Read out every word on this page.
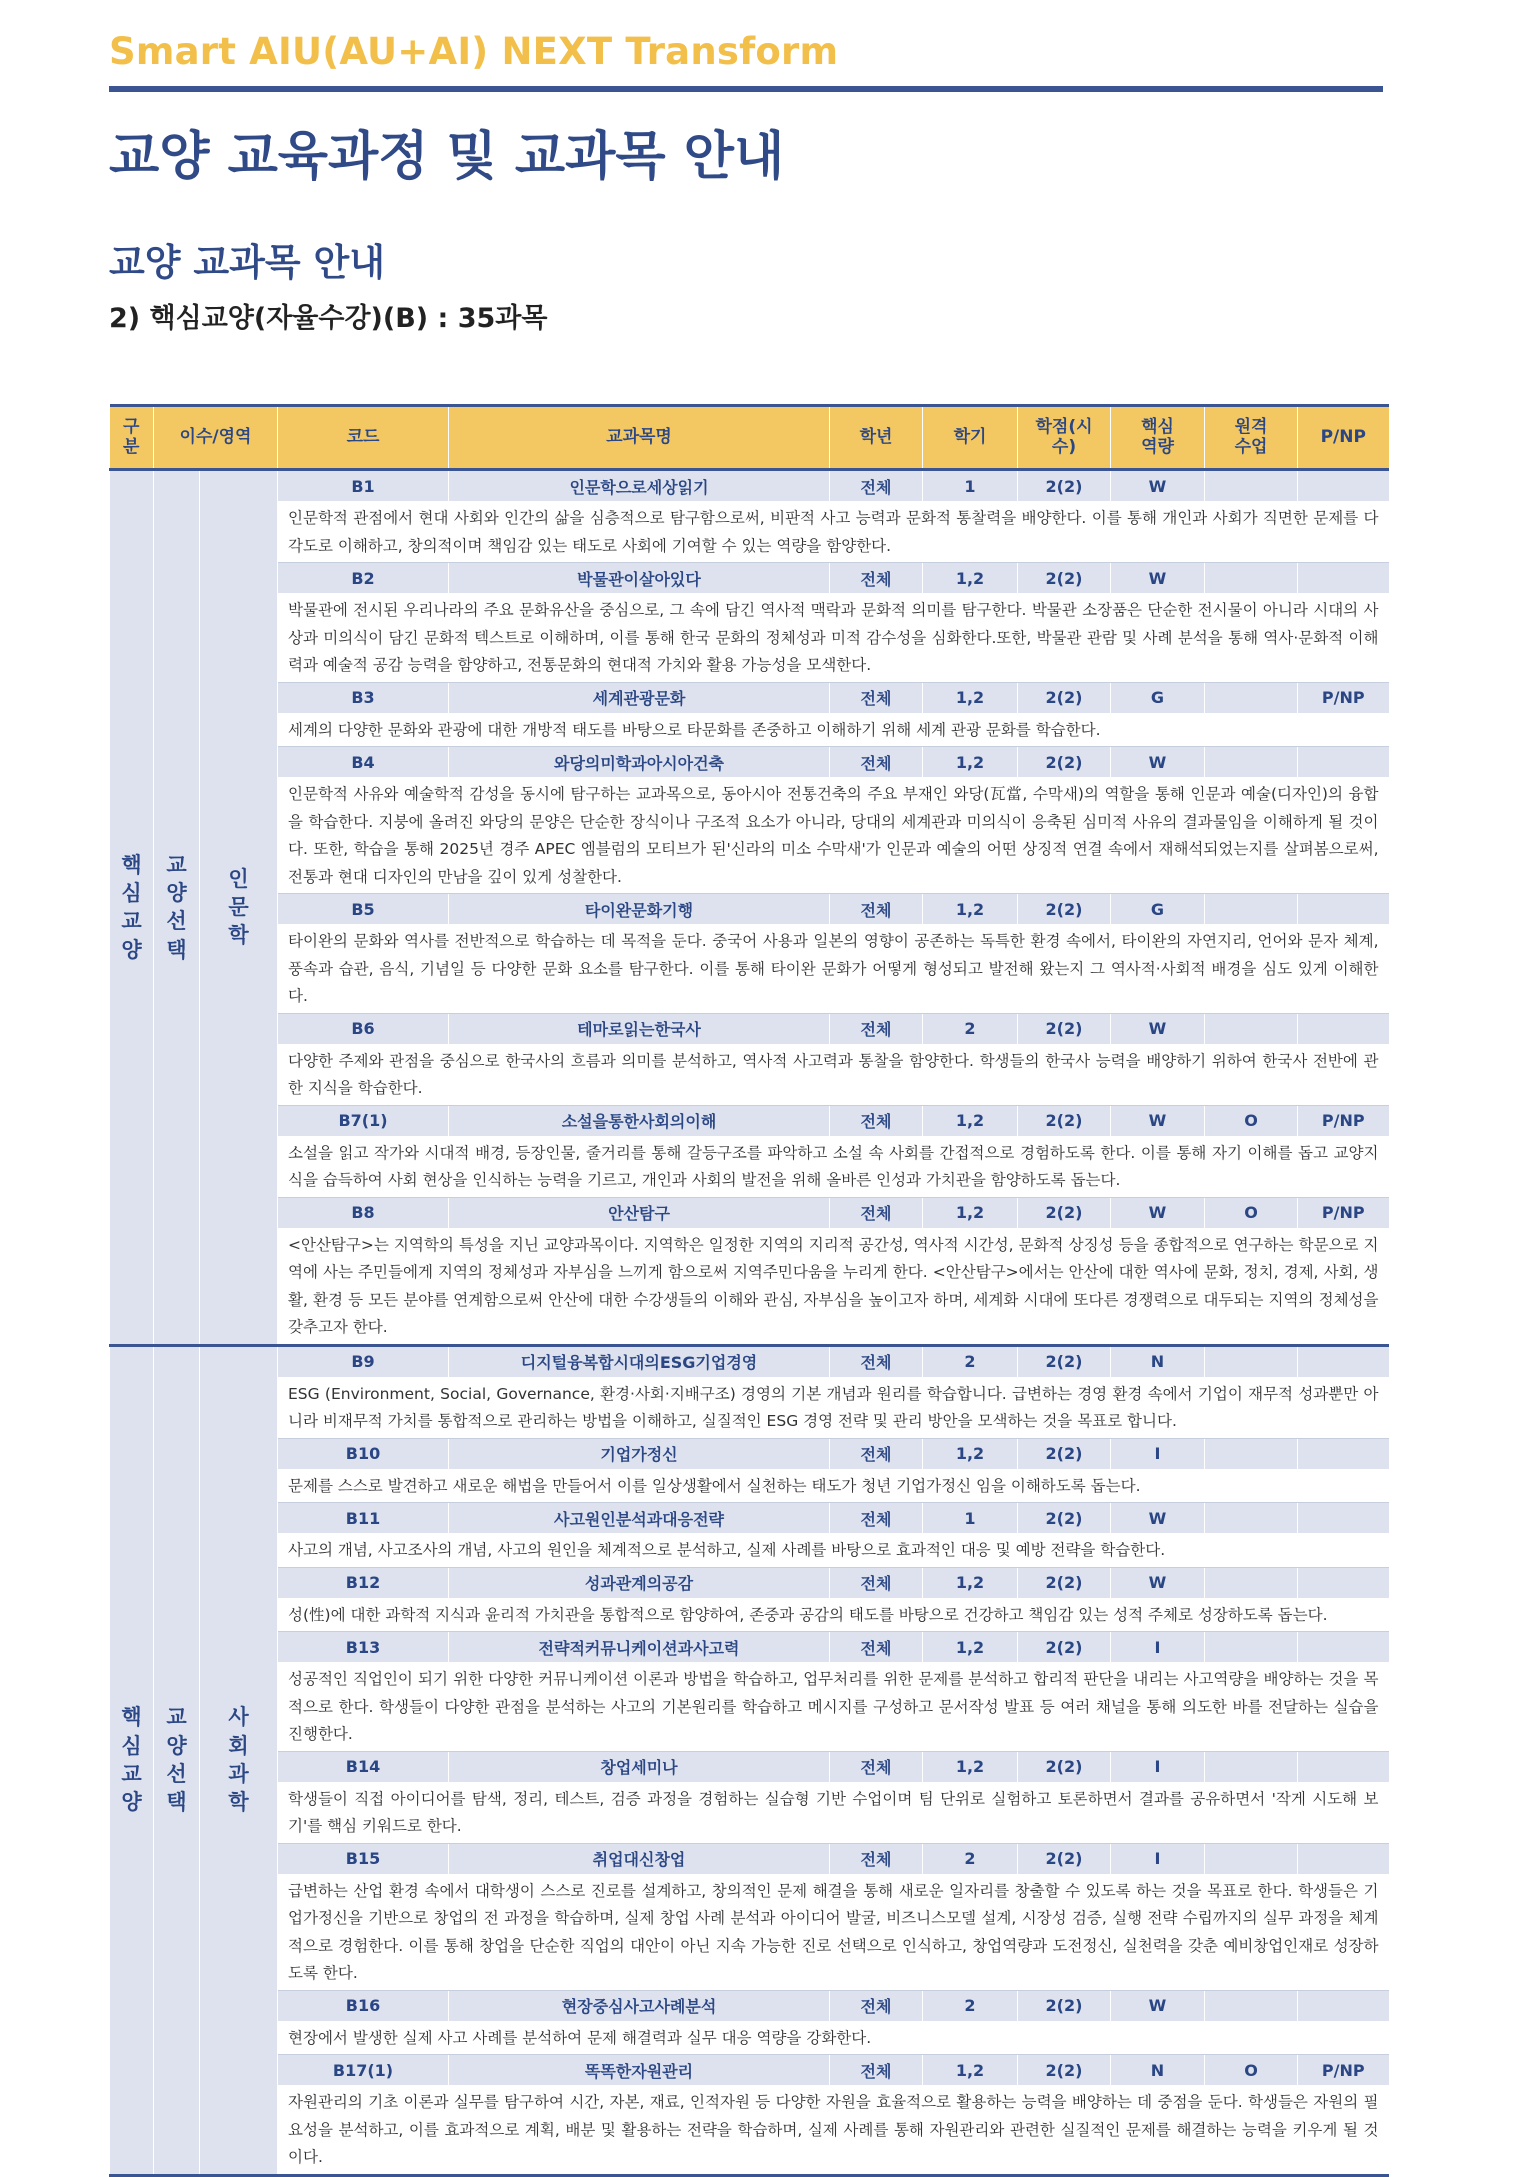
Smart AIU(AU+AI) NEXT Transform
교양 교육과정 및 교과목 안내
교양 교과목 안내
2) 핵심교양(자율수강)(B) : 35과목
구분	이수/영역		코드	교과목명	학년	학기	학점(시수)	핵심역량	원격수업	P/NP
핵심교양	교양선택	인문학	B1	인문학으로세상읽기	전체	1	2(2)	W		
			인문학적 관점에서 현대 사회와 인간의 삶을 심층적으로 탐구함으로써, 비판적 사고 능력과 문화적 통찰력을 배양한다. 이를 통해 개인과 사회가 직면한 문제를 다각도로 이해하고, 창의적이며 책임감 있는 태도로 사회에 기여할 수 있는 역량을 함양한다.							
			B2	박물관이살아있다	전체	1,2	2(2)	W		
			박물관에 전시된 우리나라의 주요 문화유산을 중심으로, 그 속에 담긴 역사적 맥락과 문화적 의미를 탐구한다. 박물관 소장품은 단순한 전시물이 아니라 시대의 사상과 미의식이 담긴 문화적 텍스트로 이해하며, 이를 통해 한국 문화의 정체성과 미적 감수성을 심화한다.또한, 박물관 관람 및 사례 분석을 통해 역사·문화적 이해력과 예술적 공감 능력을 함양하고, 전통문화의 현대적 가치와 활용 가능성을 모색한다.							
			B3	세계관광문화	전체	1,2	2(2)	G		P/NP
			세계의 다양한 문화와 관광에 대한 개방적 태도를 바탕으로 타문화를 존중하고 이해하기 위해 세계 관광 문화를 학습한다.							
			B4	와당의미학과아시아건축	전체	1,2	2(2)	W		
			인문학적 사유와 예술학적 감성을 동시에 탐구하는 교과목으로, 동아시아 전통건축의 주요 부재인 와당(瓦當, 수막새)의 역할을 통해 인문과 예술(디자인)의 융합을 학습한다. 지붕에 올려진 와당의 문양은 단순한 장식이나 구조적 요소가 아니라, 당대의 세계관과 미의식이 응축된 심미적 사유의 결과물임을 이해하게 될 것이다. 또한, 학습을 통해 2025년 경주 APEC 엠블럼의 모티브가 된'신라의 미소 수막새'가 인문과 예술의 어떤 상징적 연결 속에서 재해석되었는지를 살펴봄으로써, 전통과 현대 디자인의 만남을 깊이 있게 성찰한다.							
			B5	타이완문화기행	전체	1,2	2(2)	G		
			타이완의 문화와 역사를 전반적으로 학습하는 데 목적을 둔다. 중국어 사용과 일본의 영향이 공존하는 독특한 환경 속에서, 타이완의 자연지리, 언어와 문자 체계, 풍속과 습관, 음식, 기념일 등 다양한 문화 요소를 탐구한다. 이를 통해 타이완 문화가 어떻게 형성되고 발전해 왔는지 그 역사적·사회적 배경을 심도 있게 이해한다.							
			B6	테마로읽는한국사	전체	2	2(2)	W		
			다양한 주제와 관점을 중심으로 한국사의 흐름과 의미를 분석하고, 역사적 사고력과 통찰을 함양한다. 학생들의 한국사 능력을 배양하기 위하여 한국사 전반에 관한 지식을 학습한다.							
			B7(1)	소설을통한사회의이해	전체	1,2	2(2)	W	O	P/NP
			소설을 읽고 작가와 시대적 배경, 등장인물, 줄거리를 통해 갈등구조를 파악하고 소설 속 사회를 간접적으로 경험하도록 한다. 이를 통해 자기 이해를 돕고 교양지식을 습득하여 사회 현상을 인식하는 능력을 기르고, 개인과 사회의 발전을 위해 올바른 인성과 가치관을 함양하도록 돕는다.							
			B8	안산탐구	전체	1,2	2(2)	W	O	P/NP
			<안산탐구>는 지역학의 특성을 지닌 교양과목이다. 지역학은 일정한 지역의 지리적 공간성, 역사적 시간성, 문화적 상징성 등을 종합적으로 연구하는 학문으로 지역에 사는 주민들에게 지역의 정체성과 자부심을 느끼게 함으로써 지역주민다움을 누리게 한다. <안산탐구>에서는 안산에 대한 역사에 문화, 정치, 경제, 사회, 생활, 환경 등 모든 분야를 연계함으로써 안산에 대한 수강생들의 이해와 관심, 자부심을 높이고자 하며, 세계화 시대에 또다른 경쟁력으로 대두되는 지역의 정체성을 갖추고자 한다.							
핵심교양	교양선택	사회과학	B9	디지털융복합시대의ESG기업경영	전체	2	2(2)	N		
			ESG (Environment, Social, Governance, 환경·사회·지배구조) 경영의 기본 개념과 원리를 학습합니다. 급변하는 경영 환경 속에서 기업이 재무적 성과뿐만 아니라 비재무적 가치를 통합적으로 관리하는 방법을 이해하고, 실질적인 ESG 경영 전략 및 관리 방안을 모색하는 것을 목표로 합니다.							
			B10	기업가정신	전체	1,2	2(2)	I		
			문제를 스스로 발견하고 새로운 해법을 만들어서 이를 일상생활에서 실천하는 태도가 청년 기업가정신 임을 이해하도록 돕는다.							
			B11	사고원인분석과대응전략	전체	1	2(2)	W		
			사고의 개념, 사고조사의 개념, 사고의 원인을 체계적으로 분석하고, 실제 사례를 바탕으로 효과적인 대응 및 예방 전략을 학습한다.							
			B12	성과관계의공감	전체	1,2	2(2)	W		
			성(性)에 대한 과학적 지식과 윤리적 가치관을 통합적으로 함양하여, 존중과 공감의 태도를 바탕으로 건강하고 책임감 있는 성적 주체로 성장하도록 돕는다.							
			B13	전략적커뮤니케이션과사고력	전체	1,2	2(2)	I		
			성공적인 직업인이 되기 위한 다양한 커뮤니케이션 이론과 방법을 학습하고, 업무처리를 위한 문제를 분석하고 합리적 판단을 내리는 사고역량을 배양하는 것을 목적으로 한다. 학생들이 다양한 관점을 분석하는 사고의 기본원리를 학습하고 메시지를 구성하고 문서작성 발표 등 여러 채널을 통해 의도한 바를 전달하는 실습을 진행한다.							
			B14	창업세미나	전체	1,2	2(2)	I		
			학생들이 직접 아이디어를 탐색, 정리, 테스트, 검증 과정을 경험하는 실습형 기반 수업이며 팀 단위로 실험하고 토론하면서 결과를 공유하면서 '작게 시도해 보기'를 핵심 키워드로 한다.							
			B15	취업대신창업	전체	2	2(2)	I		
			급변하는 산업 환경 속에서 대학생이 스스로 진로를 설계하고, 창의적인 문제 해결을 통해 새로운 일자리를 창출할 수 있도록 하는 것을 목표로 한다. 학생들은 기업가정신을 기반으로 창업의 전 과정을 학습하며, 실제 창업 사례 분석과 아이디어 발굴, 비즈니스모델 설계, 시장성 검증, 실행 전략 수립까지의 실무 과정을 체계적으로 경험한다. 이를 통해 창업을 단순한 직업의 대안이 아닌 지속 가능한 진로 선택으로 인식하고, 창업역량과 도전정신, 실천력을 갖춘 예비창업인재로 성장하도록 한다.							
			B16	현장중심사고사례분석	전체	2	2(2)	W		
			현장에서 발생한 실제 사고 사례를 분석하여 문제 해결력과 실무 대응 역량을 강화한다.							
			B17(1)	똑똑한자원관리	전체	1,2	2(2)	N	O	P/NP
			자원관리의 기초 이론과 실무를 탐구하여 시간, 자본, 재료, 인적자원 등 다양한 자원을 효율적으로 활용하는 능력을 배양하는 데 중점을 둔다. 학생들은 자원의 필요성을 분석하고, 이를 효과적으로 계획, 배분 및 활용하는 전략을 학습하며, 실제 사례를 통해 자원관리와 관련한 실질적인 문제를 해결하는 능력을 키우게 될 것이다.							
